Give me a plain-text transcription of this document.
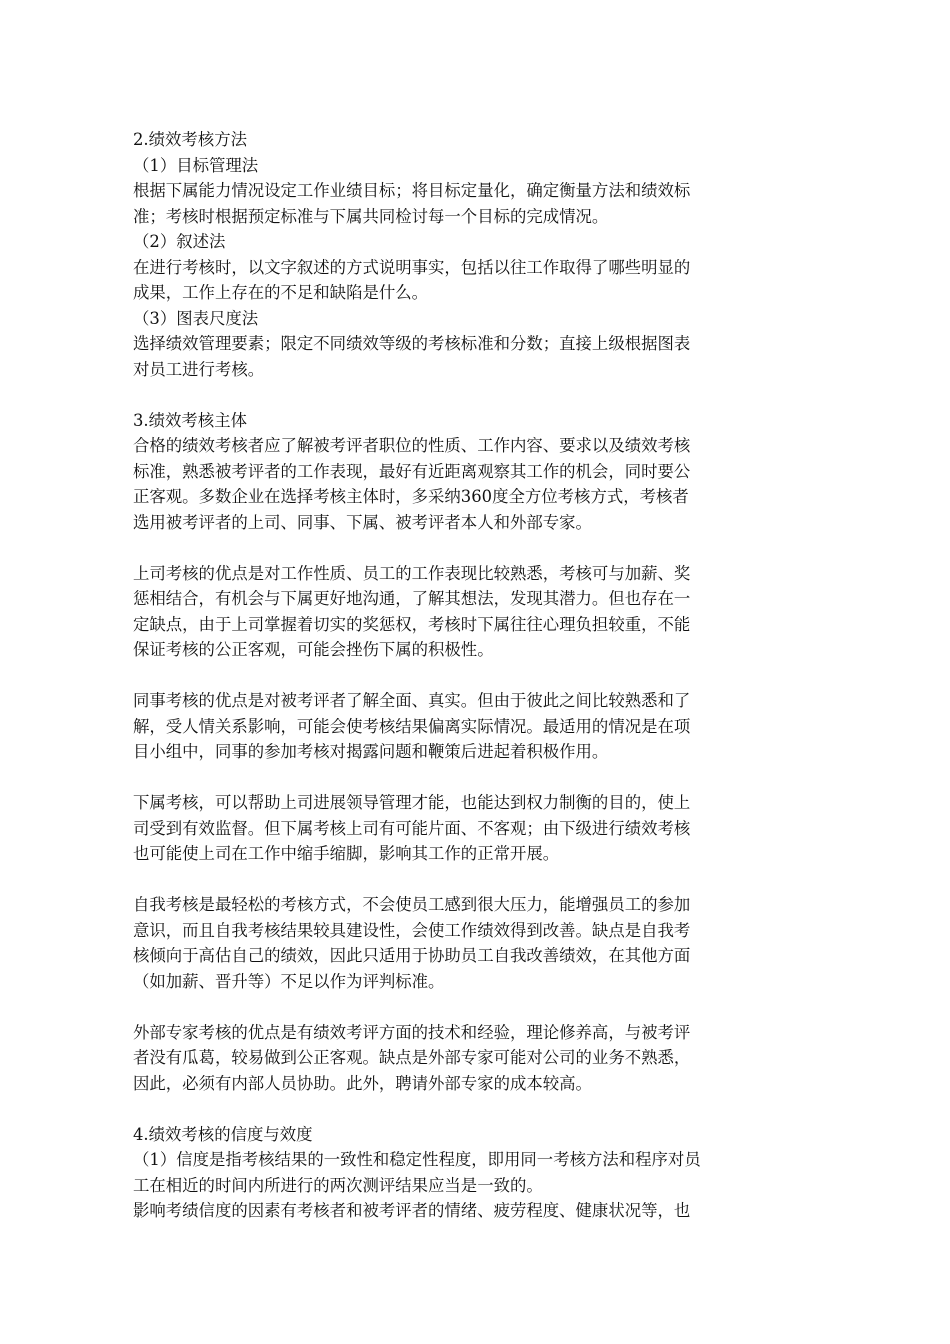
2.绩效考核方法
（1）目标管理法
根据下属能力情况设定工作业绩目标；将目标定量化，确定衡量方法和绩效标
准；考核时根据预定标准与下属共同检讨每一个目标的完成情况。
（2）叙述法
在进行考核时，以文字叙述的方式说明事实，包括以往工作取得了哪些明显的
成果，工作上存在的不足和缺陷是什么。
（3）图表尺度法
选择绩效管理要素；限定不同绩效等级的考核标准和分数；直接上级根据图表
对员工进行考核。
3.绩效考核主体
合格的绩效考核者应了解被考评者职位的性质、工作内容、要求以及绩效考核
标准，熟悉被考评者的工作表现，最好有近距离观察其工作的机会，同时要公
正客观。多数企业在选择考核主体时，多采纳360度全方位考核方式，考核者
选用被考评者的上司、同事、下属、被考评者本人和外部专家。
上司考核的优点是对工作性质、员工的工作表现比较熟悉，考核可与加薪、奖
惩相结合，有机会与下属更好地沟通，了解其想法，发现其潜力。但也存在一
定缺点，由于上司掌握着切实的奖惩权，考核时下属往往心理负担较重，不能
保证考核的公正客观，可能会挫伤下属的积极性。
同事考核的优点是对被考评者了解全面、真实。但由于彼此之间比较熟悉和了
解，受人情关系影响，可能会使考核结果偏离实际情况。最适用的情况是在项
目小组中，同事的参加考核对揭露问题和鞭策后进起着积极作用。
下属考核，可以帮助上司进展领导管理才能，也能达到权力制衡的目的，使上
司受到有效监督。但下属考核上司有可能片面、不客观；由下级进行绩效考核
也可能使上司在工作中缩手缩脚，影响其工作的正常开展。
自我考核是最轻松的考核方式，不会使员工感到很大压力，能增强员工的参加
意识，而且自我考核结果较具建设性，会使工作绩效得到改善。缺点是自我考
核倾向于高估自己的绩效，因此只适用于协助员工自我改善绩效，在其他方面
（如加薪、晋升等）不足以作为评判标准。
外部专家考核的优点是有绩效考评方面的技术和经验，理论修养高，与被考评
者没有瓜葛，较易做到公正客观。缺点是外部专家可能对公司的业务不熟悉，
因此，必须有内部人员协助。此外，聘请外部专家的成本较高。
4.绩效考核的信度与效度
（1）信度是指考核结果的一致性和稳定性程度，即用同一考核方法和程序对员
工在相近的时间内所进行的两次测评结果应当是一致的。
影响考绩信度的因素有考核者和被考评者的情绪、疲劳程度、健康状况等，也
